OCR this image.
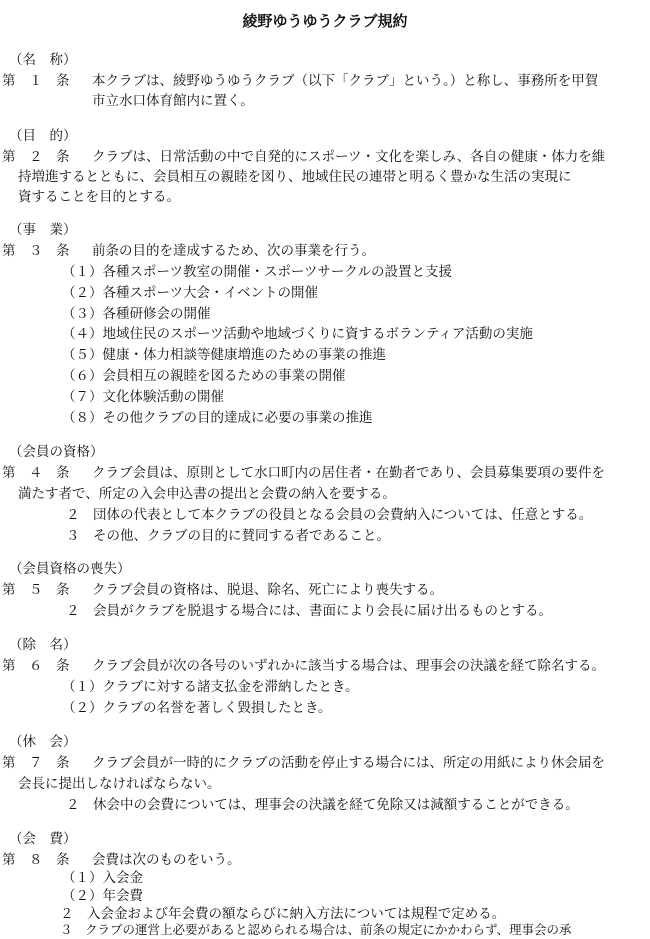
綾野ゆうゆうクラブ規約
（名　称）
第　１　条 本クラブは、綾野ゆうゆうクラブ（以下「クラブ」という。）と称し、事務所を甲賀
市立水口体育館内に置く。
（目　的）
第　２　条 クラブは、日常活動の中で自発的にスポーツ・文化を楽しみ、各自の健康・体力を維
持増進するとともに、会員相互の親睦を図り、地域住民の連帯と明るく豊かな生活の実現に
資することを目的とする。
（事　業）
第　３　条 前条の目的を達成するため、次の事業を行う。
（１）各種スポーツ教室の開催・スポーツサークルの設置と支援
（２）各種スポーツ大会・イベントの開催
（３）各種研修会の開催
（４）地域住民のスポーツ活動や地域づくりに資するボランティア活動の実施
（５）健康・体力相談等健康増進のための事業の推進
（６）会員相互の親睦を図るための事業の開催
（７）文化体験活動の開催
（８）その他クラブの目的達成に必要の事業の推進
（会員の資格）
第　４　条 クラブ会員は、原則として水口町内の居住者・在勤者であり、会員募集要項の要件を
満たす者で、所定の入会申込書の提出と会費の納入を要する。
２　団体の代表として本クラブの役員となる会員の会費納入については、任意とする。
３　その他、クラブの目的に賛同する者であること。
（会員資格の喪失）
第　５　条 クラブ会員の資格は、脱退、除名、死亡により喪失する。
２　会員がクラブを脱退する場合には、書面により会長に届け出るものとする。
（除　名）
第　６　条 クラブ会員が次の各号のいずれかに該当する場合は、理事会の決議を経て除名する。
（１）クラブに対する諸支払金を滞納したとき。
（２）クラブの名誉を著しく毀損したとき。
（休　会）
第　７　条 クラブ会員が一時的にクラブの活動を停止する場合には、所定の用紙により休会届を
会長に提出しなければならない。
２　休会中の会費については、理事会の決議を経て免除又は減額することができる。
（会　費）
第　８　条 会費は次のものをいう。
（１）入会金
（２）年会費
２　入会金および年会費の額ならびに納入方法については規程で定める。
３　クラブの運営上必要があると認められる場合は、前条の規定にかかわらず、理事会の承
